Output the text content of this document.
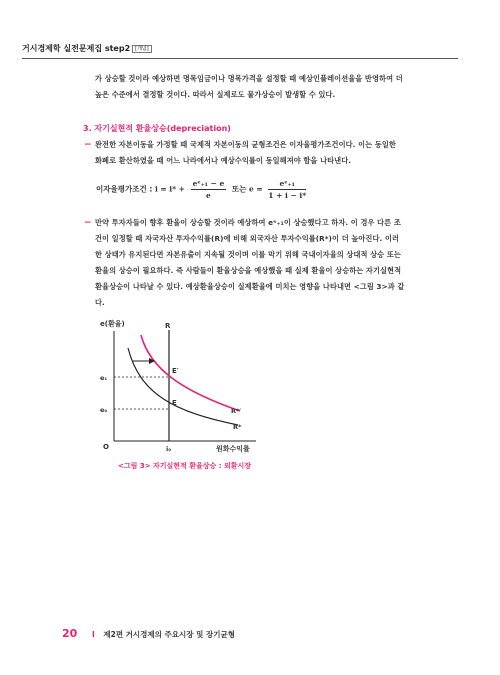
거시경제학 실전문제집 step2 [개념]
가 상승할 것이라 예상하면 명목임금이나 명목가격을 설정할 때 예상인플레이션율을 반영하여 더
높은 수준에서 결정할 것이다. 따라서 실제로도 물가상승이 발생할 수 있다.
3. 자기실현적 환율상승(depreciation)
− 완전한 자본이동을 가정할 때 국제적 자본이동의 균형조건은 이자율평가조건이다. 이는 동일한
화폐로 환산하였을 때 어느 나라에서나 예상수익률이 동일해져야 함을 나타낸다.
이자율평가조건 : $i = i* + \frac{\text{eᵉ₊₁ − e}}{e}$ 또는 $e = \frac{\text{eᵉ₊₁}}{1 + i - i*}$
− 만약 투자자들이 향후 환율이 상승할 것이라 예상하여 eᵉ₊₁이 상승했다고 하자. 이 경우 다른 조
건이 일정할 때 자국자산 투자수익률(R)에 비해 외국자산 투자수익률(R*)이 더 높아진다. 이러
한 상태가 유지된다면 자본유출이 지속될 것이며 이를 막기 위해 국내이자율의 상대적 상승 또는
환율의 상승이 필요하다. 즉 사람들이 환율상승을 예상했을 때 실제 환율이 상승하는 자기실현적
환율상승이 나타날 수 있다. 예상환율상승이 실제환율에 미치는 영향을 나타내면 <그림 3>과 같
다.
e(환율)	R
e₁
e₀
E′
E
R*′
R*
O	i₀	원화수익률
<그림 3> 자기실현적 환율상승 : 외환시장
20 I 제2편 거시경제의 주요시장 및 장기균형
